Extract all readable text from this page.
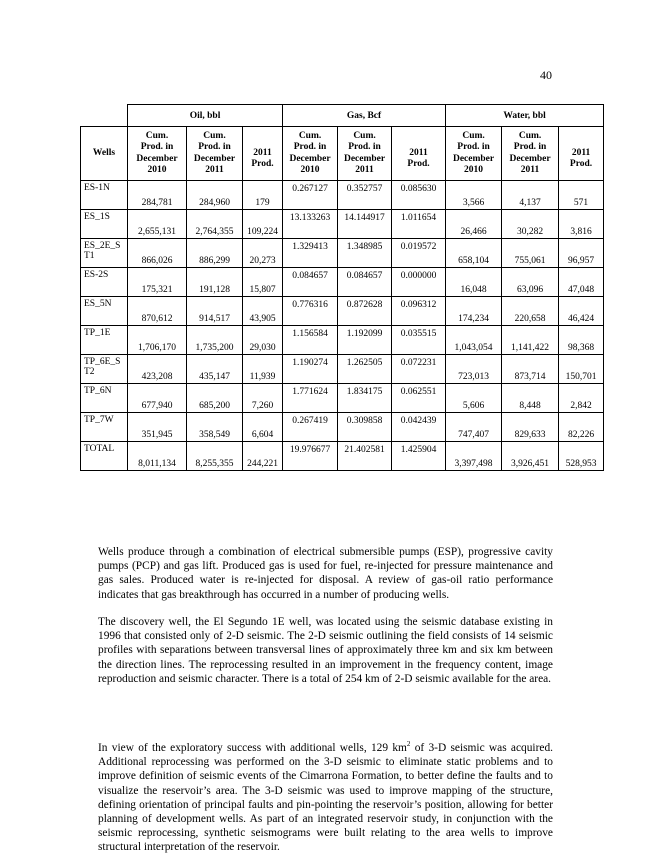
40
	Oil, bbl			Gas, Bcf			Water, bbl		
Wells	Cum.
Prod. in
December
2010	Cum.
Prod. in
December
2011	2011
Prod.	Cum.
Prod. in
December
2010	Cum.
Prod. in
December
2011	2011
Prod.	Cum.
Prod. in
December
2010	Cum.
Prod. in
December
2011	2011
Prod.

ES-1N	284,781	284,960	179	0.267127	0.352757	0.085630	3,566	4,137	571
ES_1S	2,655,131	2,764,355	109,224	13.133263	14.144917	1.011654	26,466	30,282	3,816
ES_2E_S
T1	866,026	886,299	20,273	1.329413	1.348985	0.019572	658,104	755,061	96,957
ES-2S	175,321	191,128	15,807	0.084657	0.084657	0.000000	16,048	63,096	47,048
ES_5N	870,612	914,517	43,905	0.776316	0.872628	0.096312	174,234	220,658	46,424
TP_1E	1,706,170	1,735,200	29,030	1.156584	1.192099	0.035515	1,043,054	1,141,422	98,368
TP_6E_S
T2	423,208	435,147	11,939	1.190274	1.262505	0.072231	723,013	873,714	150,701
TP_6N	677,940	685,200	7,260	1.771624	1.834175	0.062551	5,606	8,448	2,842
TP_7W	351,945	358,549	6,604	0.267419	0.309858	0.042439	747,407	829,633	82,226
TOTAL	8,011,134	8,255,355	244,221	19.976677	21.402581	1.425904	3,397,498	3,926,451	528,953

Wells produce through a combination of electrical submersible pumps (ESP), progressive cavity pumps (PCP) and gas lift. Produced gas is used for fuel, re-injected for pressure maintenance and gas sales. Produced water is re-injected for disposal. A review of gas-oil ratio performance indicates that gas breakthrough has occurred in a number of producing wells.

The discovery well, the El Segundo 1E well, was located using the seismic database existing in 1996 that consisted only of 2-D seismic. The 2-D seismic outlining the field consists of 14 seismic profiles with separations between transversal lines of approximately three km and six km between the direction lines. The reprocessing resulted in an improvement in the frequency content, image reproduction and seismic character. There is a total of 254 km of 2-D seismic available for the area.

In view of the exploratory success with additional wells, 129 $km^2$ of 3-D seismic was acquired. Additional reprocessing was performed on the 3-D seismic to eliminate static problems and to improve definition of seismic events of the Cimarrona Formation, to better define the faults and to visualize the reservoir’s area. The 3-D seismic was used to improve mapping of the structure, defining orientation of principal faults and pin-pointing the reservoir’s position, allowing for better planning of development wells. As part of an integrated reservoir study, in conjunction with the seismic reprocessing, synthetic seismograms were built relating to the area wells to improve structural interpretation of the reservoir.
